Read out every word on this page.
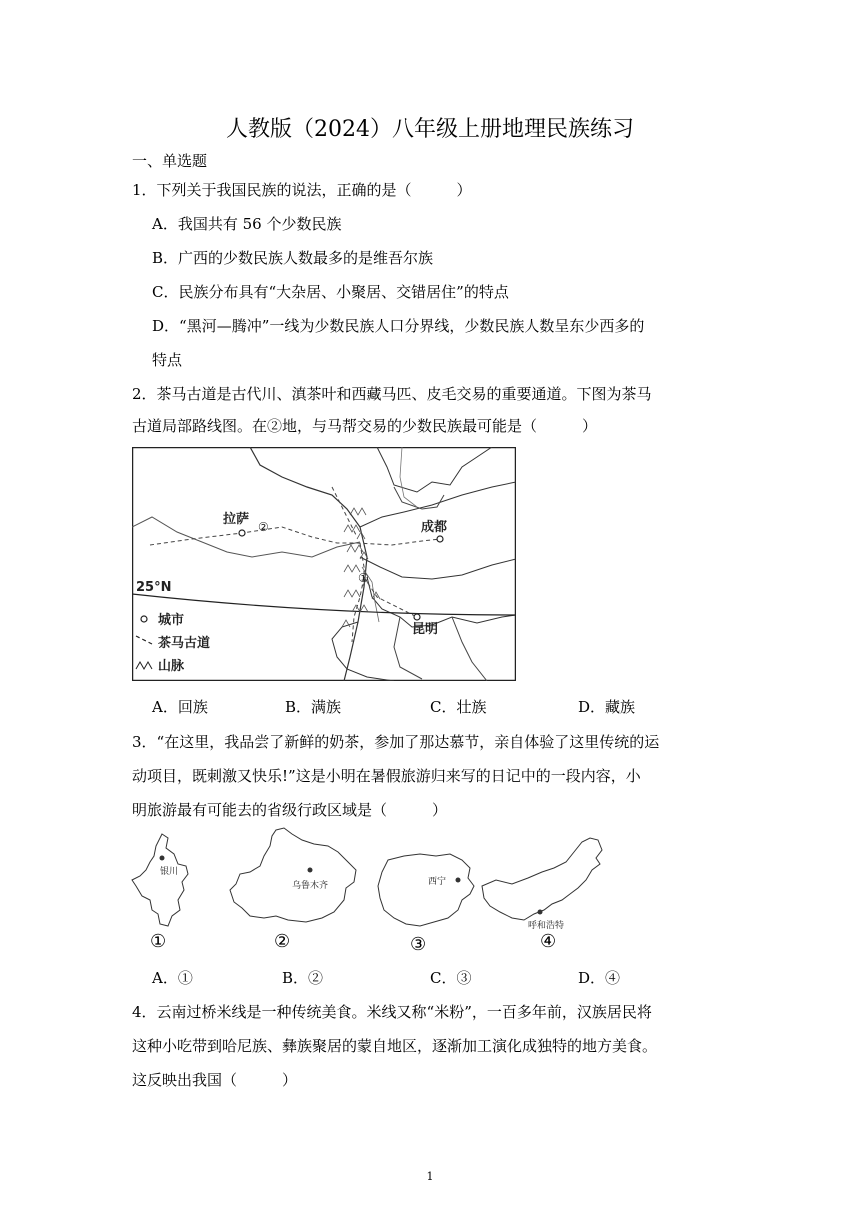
人教版（2024）八年级上册地理民族练习
一、单选题
1．下列关于我国民族的说法，正确的是（　　　）
A．我国共有 56 个少数民族
B．广西的少数民族人数最多的是维吾尔族
C．民族分布具有“大杂居、小聚居、交错居住”的特点
D．“黑河—腾冲”一线为少数民族人口分界线，少数民族人数呈东少西多的
特点
2．茶马古道是古代川、滇茶叶和西藏马匹、皮毛交易的重要通道。下图为茶马
古道局部路线图。在②地，与马帮交易的少数民族最可能是（　　　）
拉萨 ②	成都
①
昆明
25°N
城市
茶马古道
山脉
A．回族	B．满族	C．壮族	D．藏族
3．“在这里，我品尝了新鲜的奶茶，参加了那达慕节，亲自体验了这里传统的运
动项目，既刺激又快乐!”这是小明在暑假旅游归来写的日记中的一段内容，小
明旅游最有可能去的省级行政区域是（　　　）
银川
①
乌鲁木齐
②
西宁
③
呼和浩特
④
A．①	B．②	C．③	D．④
4．云南过桥米线是一种传统美食。米线又称“米粉”，一百多年前，汉族居民将
这种小吃带到哈尼族、彝族聚居的蒙自地区，逐渐加工演化成独特的地方美食。
这反映出我国（　　　）
1
